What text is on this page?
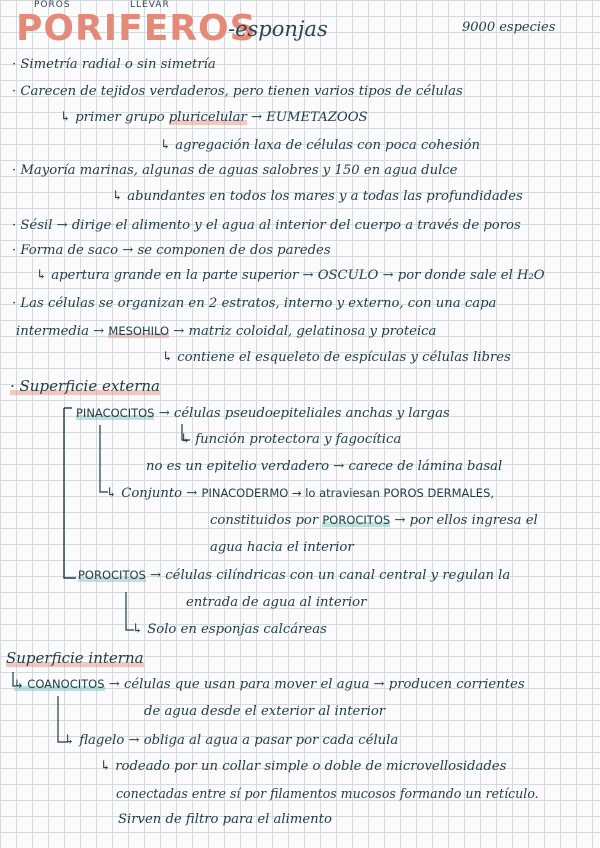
POROS	LLEVAR
PORIFEROS
-esponjas	9000 especies
· Simetría radial o sin simetría
· Carecen de tejidos verdaderos, pero tienen varios tipos de células
↳ primer grupo pluricelular → EUMETAZOOS
↳ agregación laxa de células con poca cohesión
· Mayoría marinas, algunas de aguas salobres y 150 en agua dulce
↳ abundantes en todos los mares y a todas las profundidades
· Sésil → dirige el alimento y el agua al interior del cuerpo a través de poros
· Forma de saco → se componen de dos paredes
↳ apertura grande en la parte superior → OSCULO → por donde sale el H₂O
· Las células se organizan en 2 estratos, interno y externo, con una capa
intermedia → MESOHILO → matriz coloidal, gelatinosa y proteica
↳ contiene el esqueleto de espículas y células libres
· Superficie externa
PINACOCITOS → células pseudoepiteliales anchas y largas
↳ función protectora y fagocítica
no es un epitelio verdadero → carece de lámina basal
↳ Conjunto → PINACODERMO → lo atraviesan POROS DERMALES,
constituidos por POROCITOS → por ellos ingresa el
agua hacia el interior
POROCITOS → células cilíndricas con un canal central y regulan la
entrada de agua al interior
↳ Solo en esponjas calcáreas
Superficie interna
↳ COANOCITOS → células que usan para mover el agua → producen corrientes
de agua desde el exterior al interior
↳ flagelo → obliga al agua a pasar por cada célula
↳ rodeado por un collar simple o doble de microvellosidades
conectadas entre sí por filamentos mucosos formando un retículo.
Sirven de filtro para el alimento
